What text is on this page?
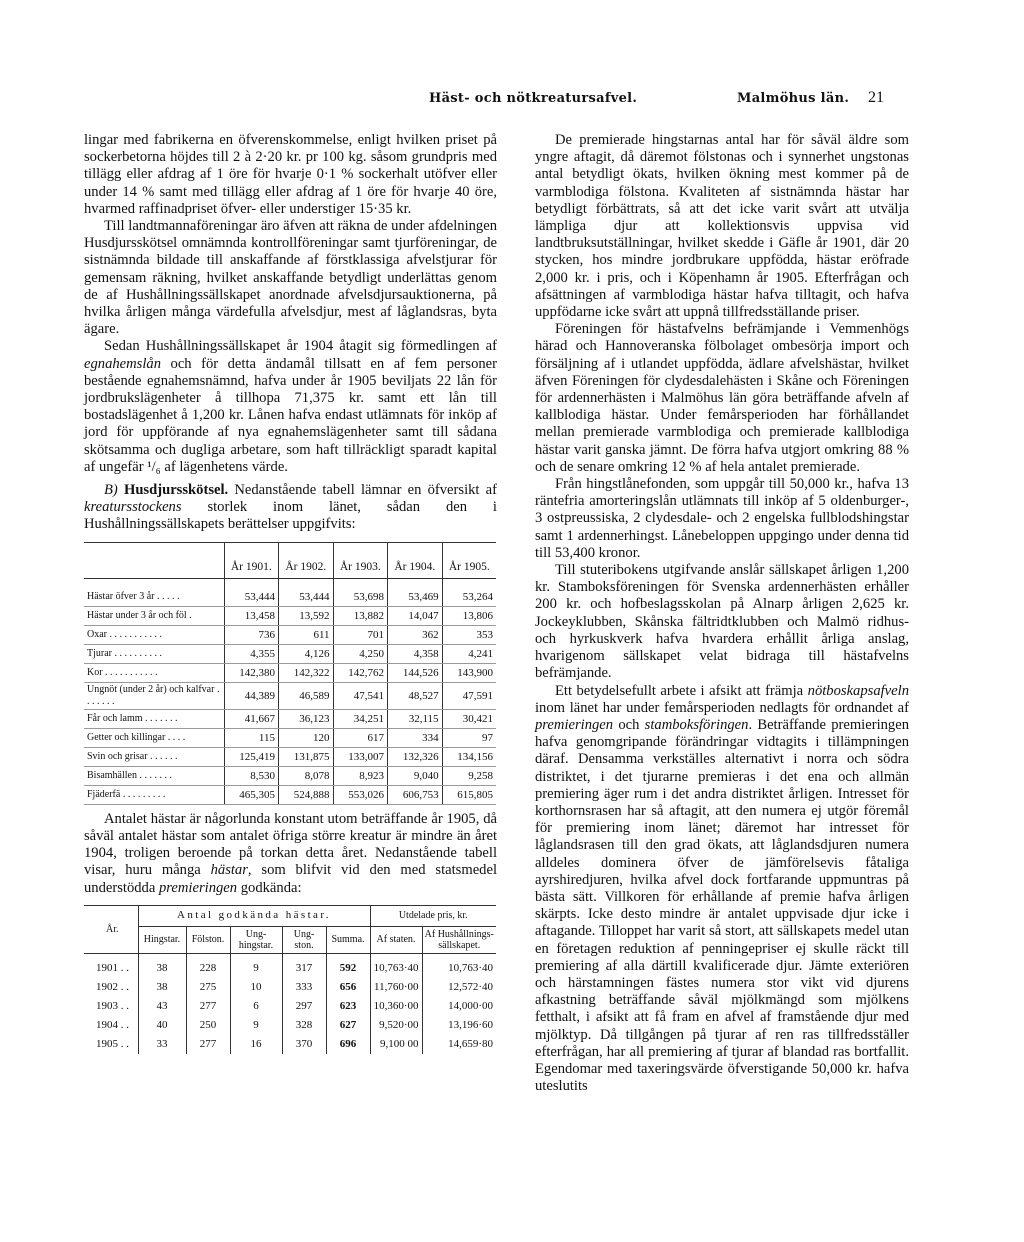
Häst- och nötkreatursafvel.	Malmöhus län. 21

lingar med fabrikerna en öfverenskommelse, enligt hvilken priset på sockerbetorna höjdes till 2 à 2·20 kr. pr 100 kg. såsom grundpris med tillägg eller afdrag af 1 öre för hvarje 0·1 % sockerhalt utöfver eller under 14 % samt med tillägg eller afdrag af 1 öre för hvarje 40 öre, hvarmed raffinadpriset öfver- eller understiger 15·35 kr.

Till landtmannaföreningar äro äfven att räkna de under afdelningen Husdjursskötsel omnämnda kontrollföreningar samt tjurföreningar, de sistnämnda bildade till anskaffande af förstklassiga afvelstjurar för gemensam räkning, hvilket anskaffande betydligt underlättas genom de af Hushållningssällskapet anordnade afvelsdjursauktionerna, på hvilka årligen många värdefulla afvelsdjur, mest af låglandsras, byta ägare.

Sedan Hushållningssällskapet år 1904 åtagit sig förmedlingen af egnahemslån och för detta ändamål tillsatt en af fem personer bestående egnahemsnämnd, hafva under år 1905 beviljats 22 lån för jordbrukslägenheter å tillhopa 71,375 kr. samt ett lån till bostadslägenhet å 1,200 kr. Lånen hafva endast utlämnats för inköp af jord för uppförande af nya egnahemslägenheter samt till sådana skötsamma och dugliga arbetare, som haft tillräckligt sparadt kapital af ungefär ¹/₆ af lägenhetens värde.

B) Husdjursskötsel. Nedanstående tabell lämnar en öfversikt af kreatursstockens storlek inom länet, sådan den i Hushållningssällskapets berättelser uppgifvits:

	År 1901.	År 1902.	År 1903.	År 1904.	År 1905.
Hästar öfver 3 år . . . . .	53,444	53,444	53,698	53,469	53,264
Hästar under 3 år och föl .	13,458	13,592	13,882	14,047	13,806
Oxar . . . . . . . . . . .	736	611	701	362	353
Tjurar . . . . . . . . . .	4,355	4,126	4,250	4,358	4,241
Kor . . . . . . . . . . .	142,380	142,322	142,762	144,526	143,900
Ungnöt (under 2 år) och kalfvar . . . . . . .	44,389	46,589	47,541	48,527	47,591
Får och lamm . . . . . . .	41,667	36,123	34,251	32,115	30,421
Getter och killingar . . . .	115	120	617	334	97
Svin och grisar . . . . . .	125,419	131,875	133,007	132,326	134,156
Bisamhällen . . . . . . .	8,530	8,078	8,923	9,040	9,258
Fjäderfä . . . . . . . . .	465,305	524,888	553,026	606,753	615,805

Antalet hästar är någorlunda konstant utom beträffande år 1905, då såväl antalet hästar som antalet öfriga större kreatur är mindre än året 1904, troligen beroende på torkan detta året. Nedanstående tabell visar, huru många hästar, som blifvit vid den med statsmedel understödda premieringen godkända:

År.	Antal godkända hästar.					Utdelade pris, kr.	
	Hingstar.	Fölston.	Ung-hingstar.	Ung-ston.	Summa.	Af staten.	Af Hushållnings-sällskapet.
1901 . .	38	228	9	317	592	10,763·40	10,763·40
1902 . .	38	275	10	333	656	11,760·00	12,572·40
1903 . .	43	277	6	297	623	10,360·00	14,000·00
1904 . .	40	250	9	328	627	9,520·00	13,196·60
1905 . .	33	277	16	370	696	9,100 00	14,659·80

De premierade hingstarnas antal har för såväl äldre som yngre aftagit, då däremot fölstonas och i synnerhet ungstonas antal betydligt ökats, hvilken ökning mest kommer på de varmblodiga fölstona. Kvaliteten af sistnämnda hästar har betydligt förbättrats, så att det icke varit svårt att utvälja lämpliga djur att kollektionsvis uppvisa vid landtbruksutställningar, hvilket skedde i Gäfle år 1901, där 20 stycken, hos mindre jordbrukare uppfödda, hästar eröfrade 2,000 kr. i pris, och i Köpenhamn år 1905. Efterfrågan och afsättningen af varmblodiga hästar hafva tilltagit, och hafva uppfödarne icke svårt att uppnå tillfredsställande priser.

Föreningen för hästafvelns befrämjande i Vemmenhögs härad och Hannoveranska fölbolaget ombesörja import och försäljning af i utlandet uppfödda, ädlare afvelshästar, hvilket äfven Föreningen för clydesdalehästen i Skåne och Föreningen för ardennerhästen i Malmöhus län göra beträffande afveln af kallblodiga hästar. Under femårsperioden har förhållandet mellan premierade varmblodiga och premierade kallblodiga hästar varit ganska jämnt. De förra hafva utgjort omkring 88 % och de senare omkring 12 % af hela antalet premierade.

Från hingstlånefonden, som uppgår till 50,000 kr., hafva 13 räntefria amorteringslån utlämnats till inköp af 5 oldenburger-, 3 ostpreussiska, 2 clydesdale- och 2 engelska fullblodshingstar samt 1 ardennerhingst. Lånebeloppen uppgingo under denna tid till 53,400 kronor.

Till stuteribokens utgifvande anslår sällskapet årligen 1,200 kr. Stamboksföreningen för Svenska ardennerhästen erhåller 200 kr. och hofbeslagsskolan på Alnarp årligen 2,625 kr. Jockeyklubben, Skånska fältridtklubben och Malmö ridhus- och hyrkuskverk hafva hvardera erhållit årliga anslag, hvarigenom sällskapet velat bidraga till hästafvelns befrämjande.

Ett betydelsefullt arbete i afsikt att främja nötboskapsafveln inom länet har under femårsperioden nedlagts för ordnandet af premieringen och stamboksföringen. Beträffande premieringen hafva genomgripande förändringar vidtagits i tillämpningen däraf. Densamma verkställes alternativt i norra och södra distriktet, i det tjurarne premieras i det ena och allmän premiering äger rum i det andra distriktet årligen. Intresset för korthornsrasen har så aftagit, att den numera ej utgör föremål för premiering inom länet; däremot har intresset för låglandsrasen till den grad ökats, att låglandsdjuren numera alldeles dominera öfver de jämförelsevis fåtaliga ayrshiredjuren, hvilka afvel dock fortfarande uppmuntras på bästa sätt. Villkoren för erhållande af premie hafva årligen skärpts. Icke desto mindre är antalet uppvisade djur icke i aftagande. Tilloppet har varit så stort, att sällskapets medel utan en företagen reduktion af penningepriser ej skulle räckt till premiering af alla därtill kvalificerade djur. Jämte exteriören och härstamningen fästes numera stor vikt vid djurens afkastning beträffande såväl mjölkmängd som mjölkens fetthalt, i afsikt att få fram en afvel af framstående djur med mjölktyp. Då tillgången på tjurar af ren ras tillfredsställer efterfrågan, har all premiering af tjurar af blandad ras bortfallit. Egendomar med taxeringsvärde öfverstigande 50,000 kr. hafva uteslutits
